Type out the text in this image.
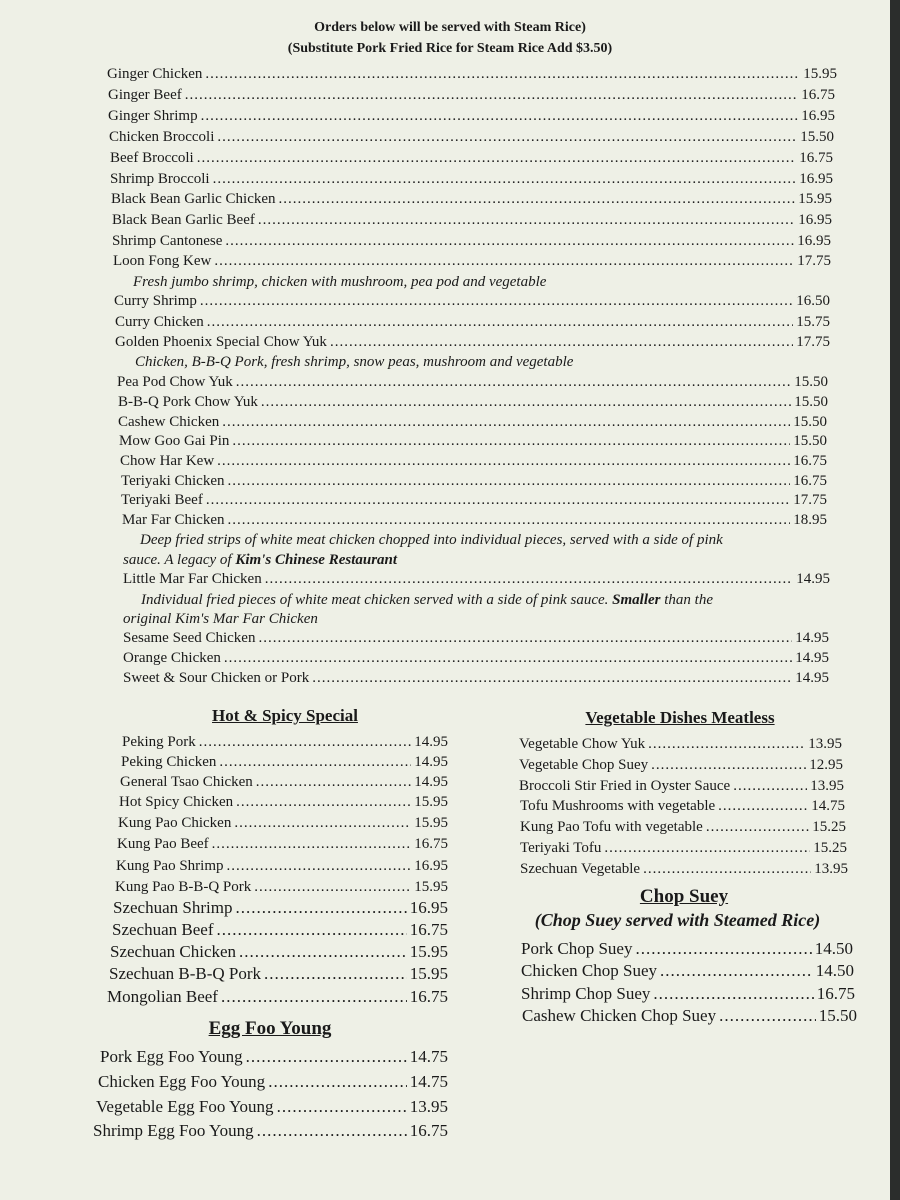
Orders below will be served with Steam Rice)
(Substitute Pork Fried Rice for Steam Rice Add $3.50)
Ginger Chicken .....	15.95
Ginger Beef .....	16.75
Ginger Shrimp .....	16.95
Chicken Broccoli .....	15.50
Beef Broccoli .....	16.75
Shrimp Broccoli .....	16.95
Black Bean Garlic Chicken .....	15.95
Black Bean Garlic Beef .....	16.95
Shrimp Cantonese .....	16.95
Loon Fong Kew .....	17.75
Fresh jumbo shrimp, chicken with mushroom, pea pod and vegetable
Curry Shrimp .....	16.50
Curry Chicken .....	15.75
Golden Phoenix Special Chow Yuk .....	17.75
Chicken, B-B-Q Pork, fresh shrimp, snow peas, mushroom and vegetable
Pea Pod Chow Yuk .....	15.50
B-B-Q Pork Chow Yuk .....	15.50
Cashew Chicken .....	15.50
Mow Goo Gai Pin .....	15.50
Chow Har Kew .....	16.75
Teriyaki Chicken .....	16.75
Teriyaki Beef .....	17.75
Mar Far Chicken .....	18.95
Deep fried strips of white meat chicken chopped into individual pieces, served with a side of pink
sauce. A legacy of Kim's Chinese Restaurant
Little Mar Far Chicken .....	14.95
Individual fried pieces of white meat chicken served with a side of pink sauce. Smaller than the
original Kim's Mar Far Chicken
Sesame Seed Chicken .....	14.95
Orange Chicken .....	14.95
Sweet & Sour Chicken or Pork .....	14.95
Hot & Spicy Special
Peking Pork .....	14.95
Peking Chicken .....	14.95
General Tsao Chicken .....	14.95
Hot Spicy Chicken .....	15.95
Kung Pao Chicken .....	15.95
Kung Pao Beef .....	16.75
Kung Pao Shrimp .....	16.95
Kung Pao B-B-Q Pork .....	15.95
Szechuan Shrimp .....	16.95
Szechuan Beef .....	16.75
Szechuan Chicken .....	15.95
Szechuan B-B-Q Pork .....	15.95
Mongolian Beef .....	16.75
Egg Foo Young
Pork Egg Foo Young .....	14.75
Chicken Egg Foo Young .....	14.75
Vegetable Egg Foo Young .....	13.95
Shrimp Egg Foo Young .....	16.75
Vegetable Dishes Meatless
Vegetable Chow Yuk .....	13.95
Vegetable Chop Suey .....	12.95
Broccoli Stir Fried in Oyster Sauce .....	13.95
Tofu Mushrooms with vegetable .....	14.75
Kung Pao Tofu with vegetable .....	15.25
Teriyaki Tofu .....	15.25
Szechuan Vegetable .....	13.95
Chop Suey
(Chop Suey served with Steamed Rice)
Pork Chop Suey .....	14.50
Chicken Chop Suey .....	14.50
Shrimp Chop Suey .....	16.75
Cashew Chicken Chop Suey .....	15.50
